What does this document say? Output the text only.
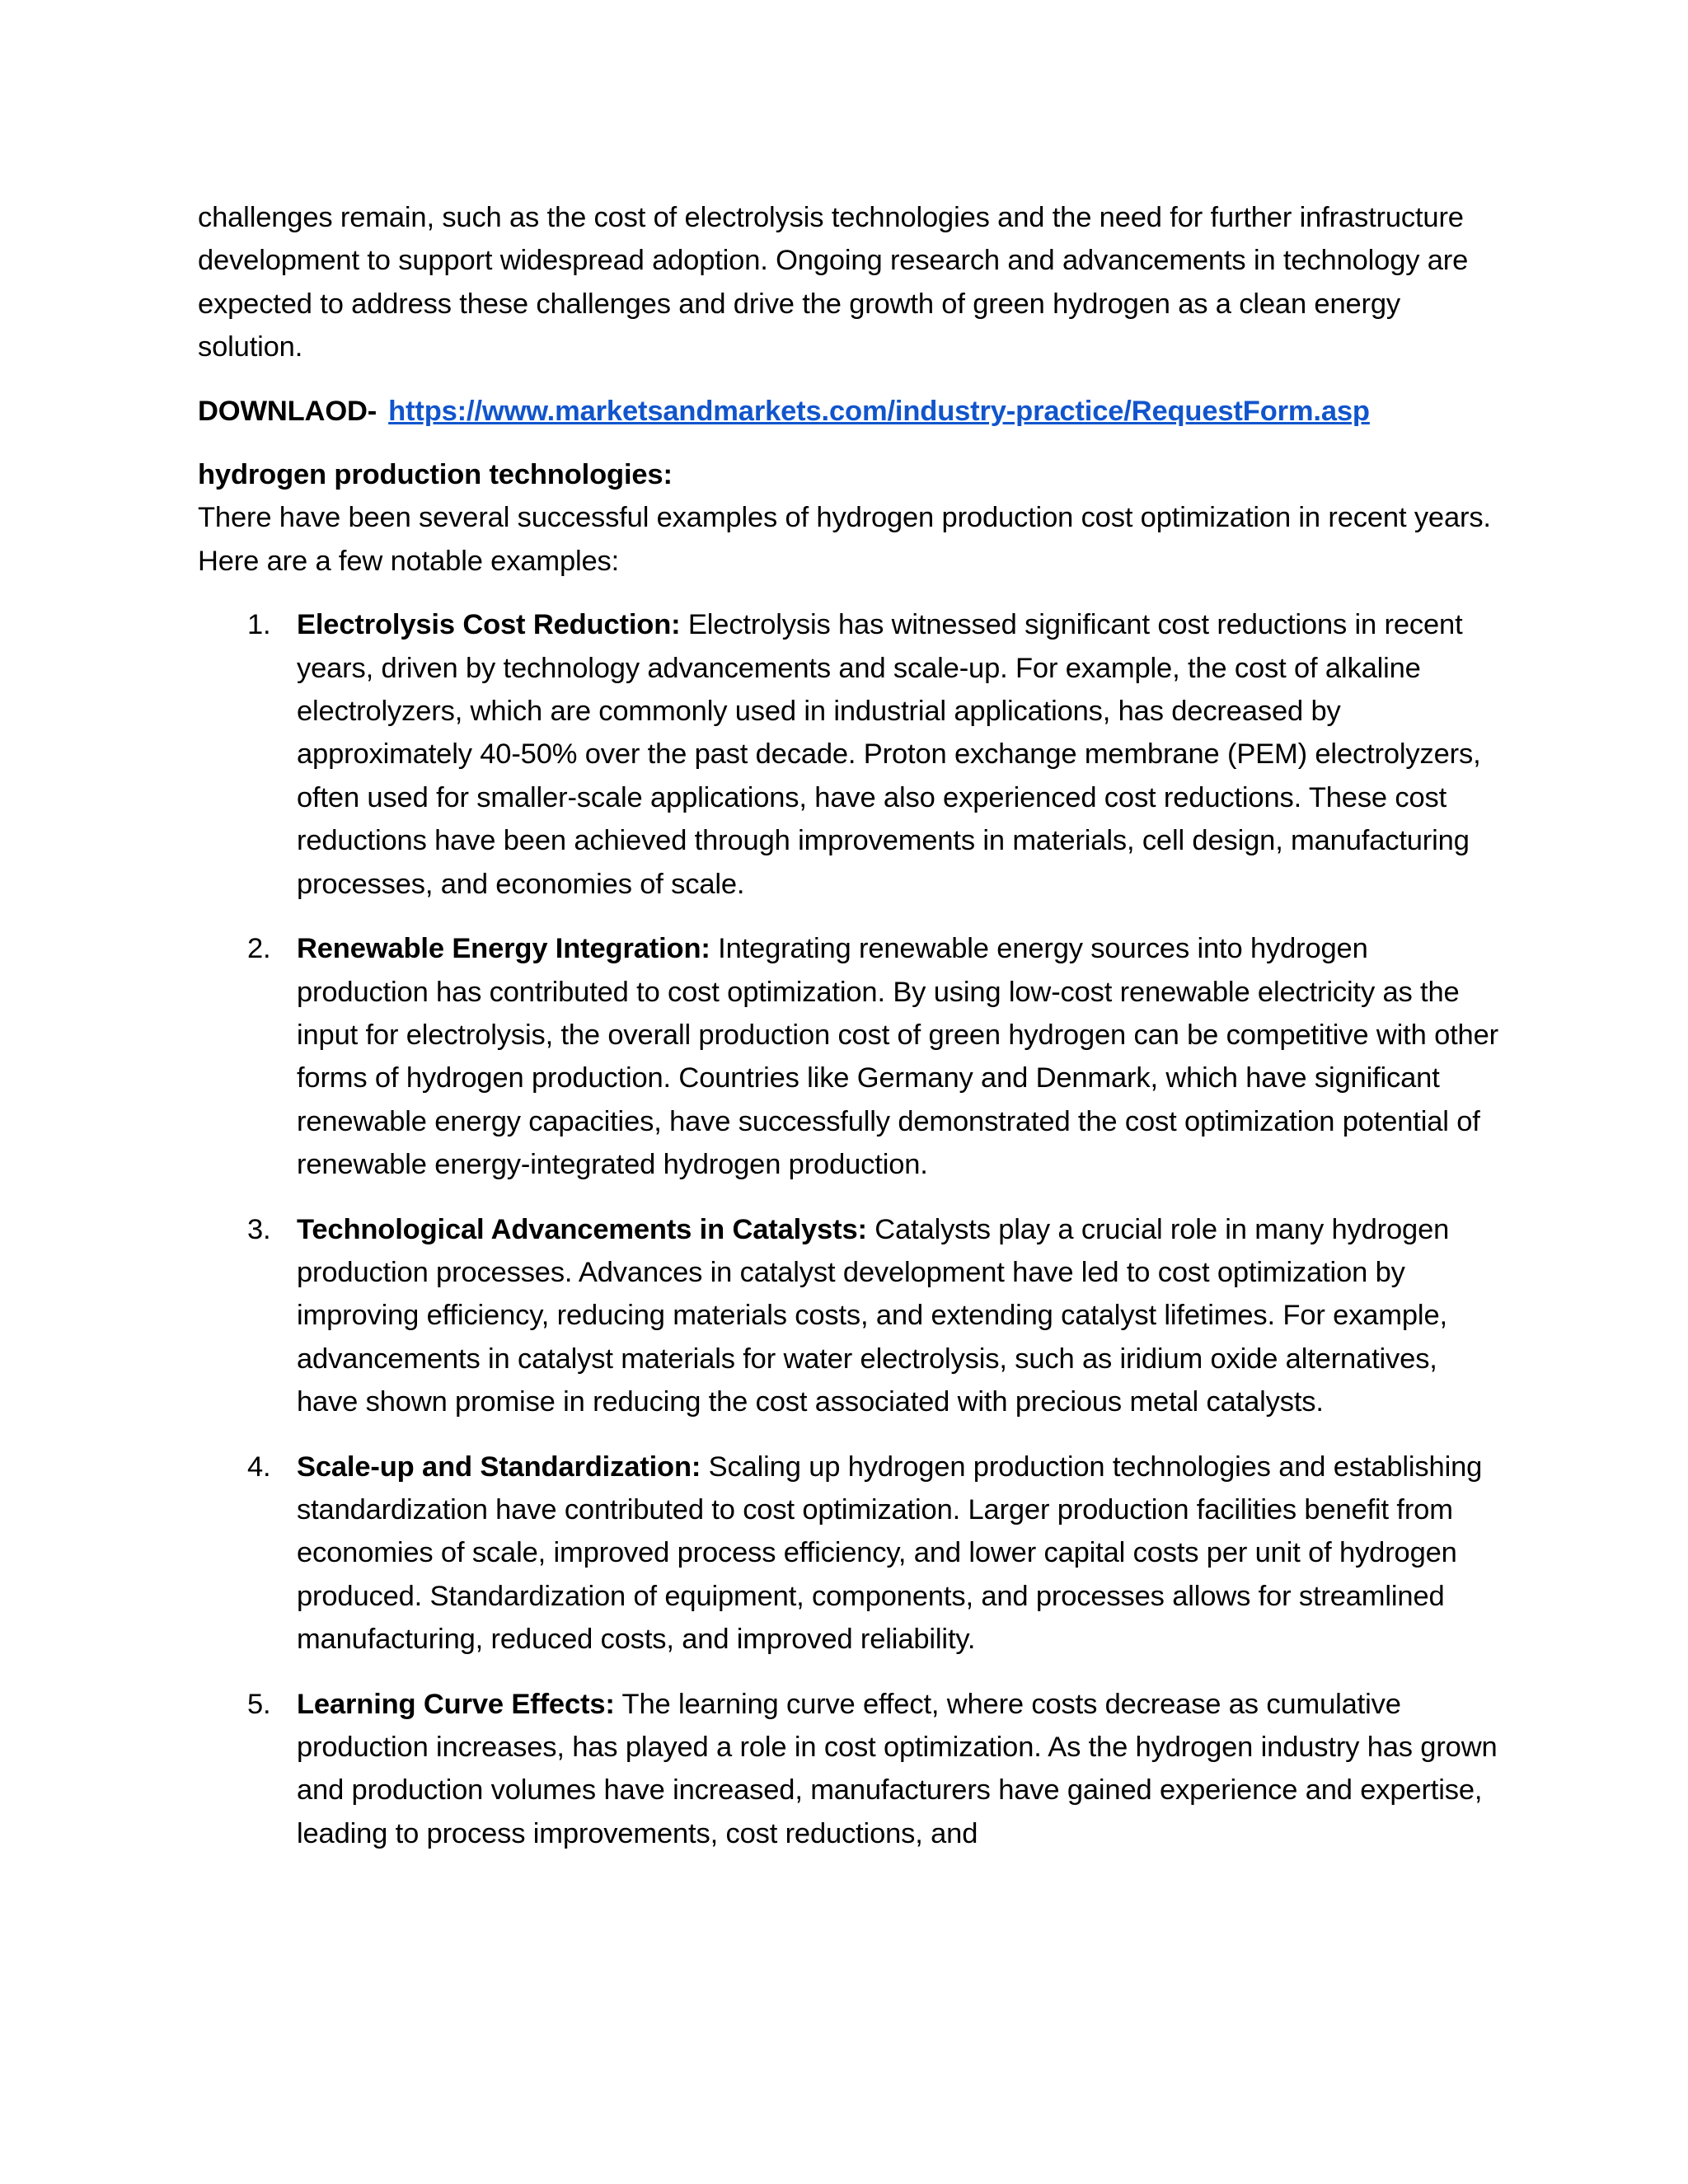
challenges remain, such as the cost of electrolysis technologies and the need for further infrastructure development to support widespread adoption. Ongoing research and advancements in technology are expected to address these challenges and drive the growth of green hydrogen as a clean energy solution.

DOWNLAOD- https://www.marketsandmarkets.com/industry-practice/RequestForm.asp

hydrogen production technologies:

There have been several successful examples of hydrogen production cost optimization in recent years. Here are a few notable examples:

1. Electrolysis Cost Reduction: Electrolysis has witnessed significant cost reductions in recent years, driven by technology advancements and scale-up. For example, the cost of alkaline electrolyzers, which are commonly used in industrial applications, has decreased by approximately 40-50% over the past decade. Proton exchange membrane (PEM) electrolyzers, often used for smaller-scale applications, have also experienced cost reductions. These cost reductions have been achieved through improvements in materials, cell design, manufacturing processes, and economies of scale.
2. Renewable Energy Integration: Integrating renewable energy sources into hydrogen production has contributed to cost optimization. By using low-cost renewable electricity as the input for electrolysis, the overall production cost of green hydrogen can be competitive with other forms of hydrogen production. Countries like Germany and Denmark, which have significant renewable energy capacities, have successfully demonstrated the cost optimization potential of renewable energy-integrated hydrogen production.
3. Technological Advancements in Catalysts: Catalysts play a crucial role in many hydrogen production processes. Advances in catalyst development have led to cost optimization by improving efficiency, reducing materials costs, and extending catalyst lifetimes. For example, advancements in catalyst materials for water electrolysis, such as iridium oxide alternatives, have shown promise in reducing the cost associated with precious metal catalysts.
4. Scale-up and Standardization: Scaling up hydrogen production technologies and establishing standardization have contributed to cost optimization. Larger production facilities benefit from economies of scale, improved process efficiency, and lower capital costs per unit of hydrogen produced. Standardization of equipment, components, and processes allows for streamlined manufacturing, reduced costs, and improved reliability.
5. Learning Curve Effects: The learning curve effect, where costs decrease as cumulative production increases, has played a role in cost optimization. As the hydrogen industry has grown and production volumes have increased, manufacturers have gained experience and expertise, leading to process improvements, cost reductions, and
